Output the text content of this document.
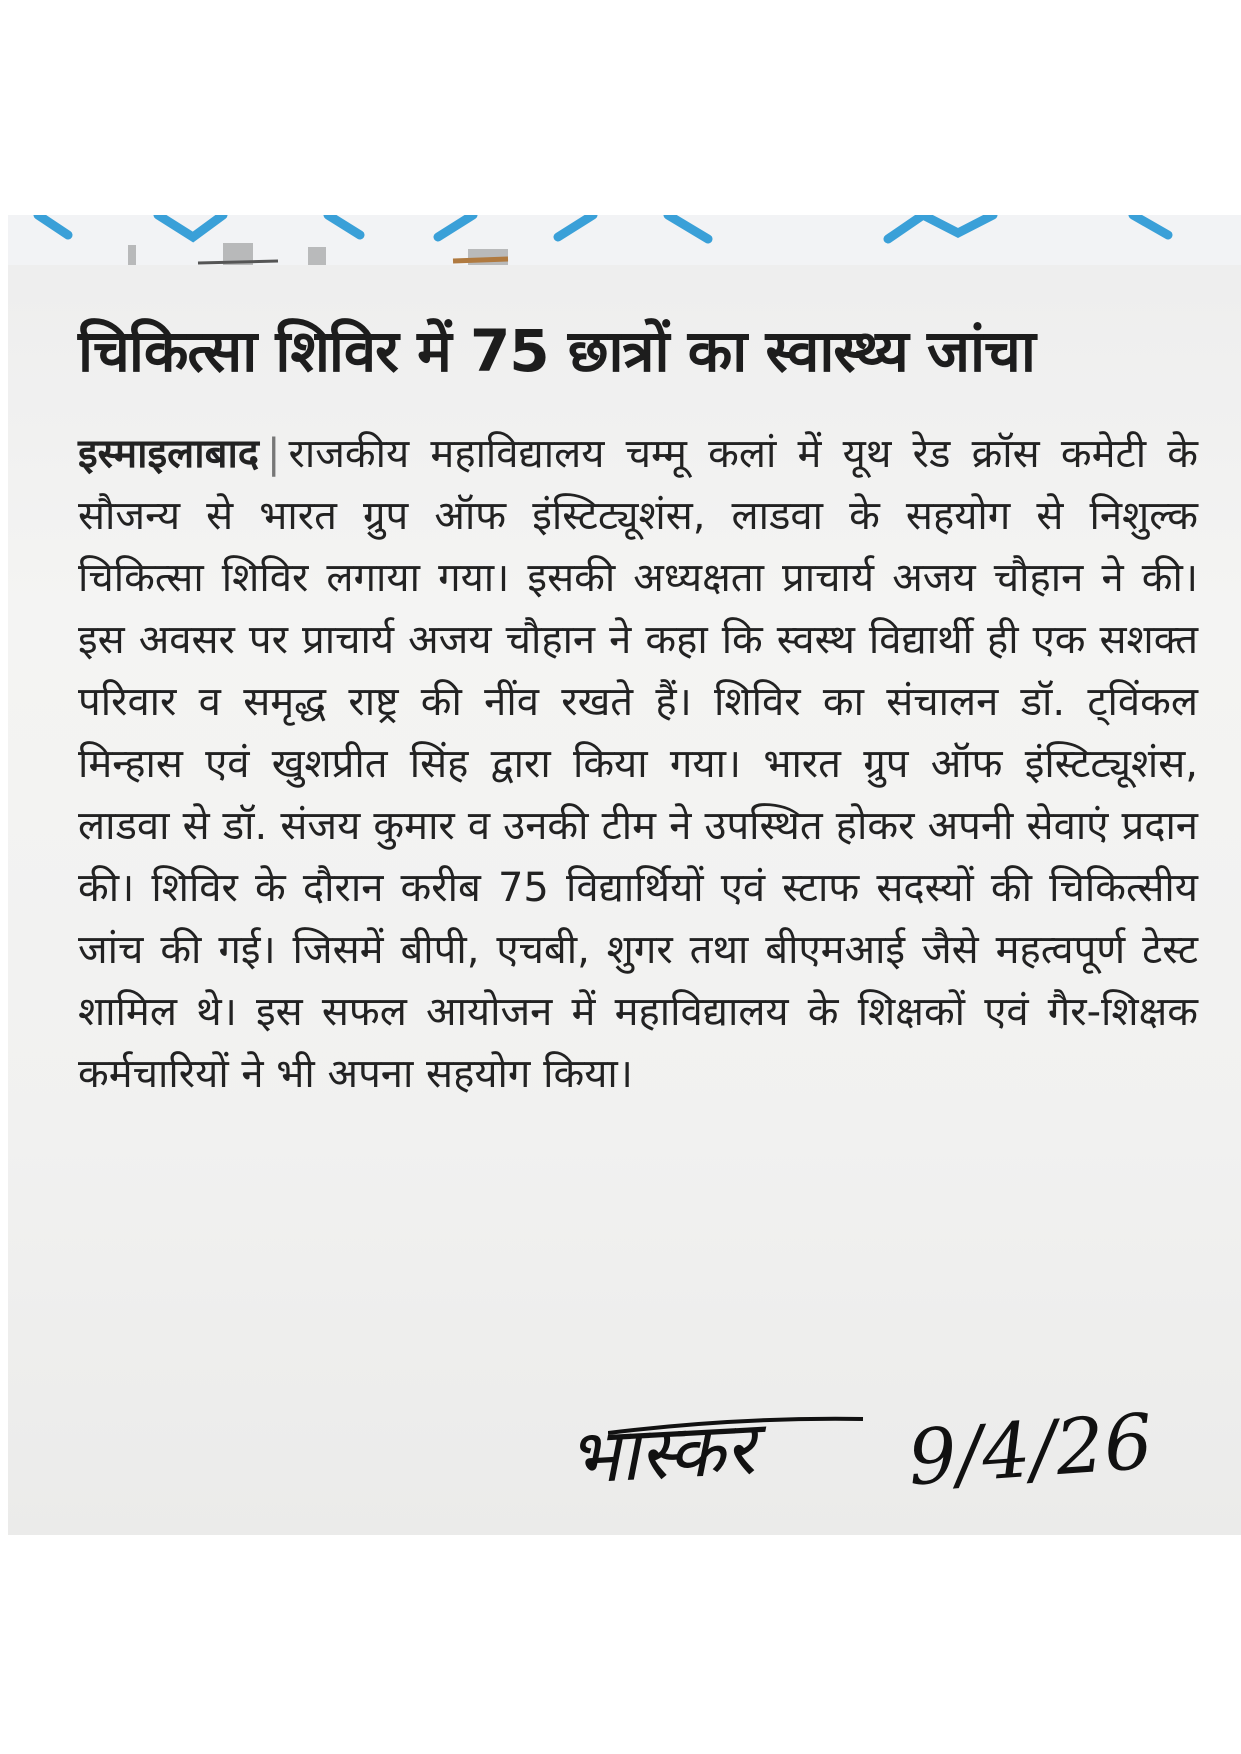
चिकित्सा शिविर में 75 छात्रों का स्वास्थ्य जांचा

इस्माइलाबाद | राजकीय महाविद्यालय चम्मू कलां में यूथ रेड क्रॉस कमेटी के सौजन्य से भारत ग्रुप ऑफ इंस्टिट्यूशंस, लाडवा के सहयोग से निशुल्क चिकित्सा शिविर लगाया गया। इसकी अध्यक्षता प्राचार्य अजय चौहान ने की। इस अवसर पर प्राचार्य अजय चौहान ने कहा कि स्वस्थ विद्यार्थी ही एक सशक्त परिवार व समृद्ध राष्ट्र की नींव रखते हैं। शिविर का संचालन डॉ. ट्विंकल मिन्हास एवं खुशप्रीत सिंह द्वारा किया गया। भारत ग्रुप ऑफ इंस्टिट्यूशंस, लाडवा से डॉ. संजय कुमार व उनकी टीम ने उपस्थित होकर अपनी सेवाएं प्रदान की। शिविर के दौरान करीब 75 विद्यार्थियों एवं स्टाफ सदस्यों की चिकित्सीय जांच की गई। जिसमें बीपी, एचबी, शुगर तथा बीएमआई जैसे महत्वपूर्ण टेस्ट शामिल थे। इस सफल आयोजन में महाविद्यालय के शिक्षकों एवं गैर-शिक्षक कर्मचारियों ने भी अपना सहयोग किया।

भास्कर 9/4/26
